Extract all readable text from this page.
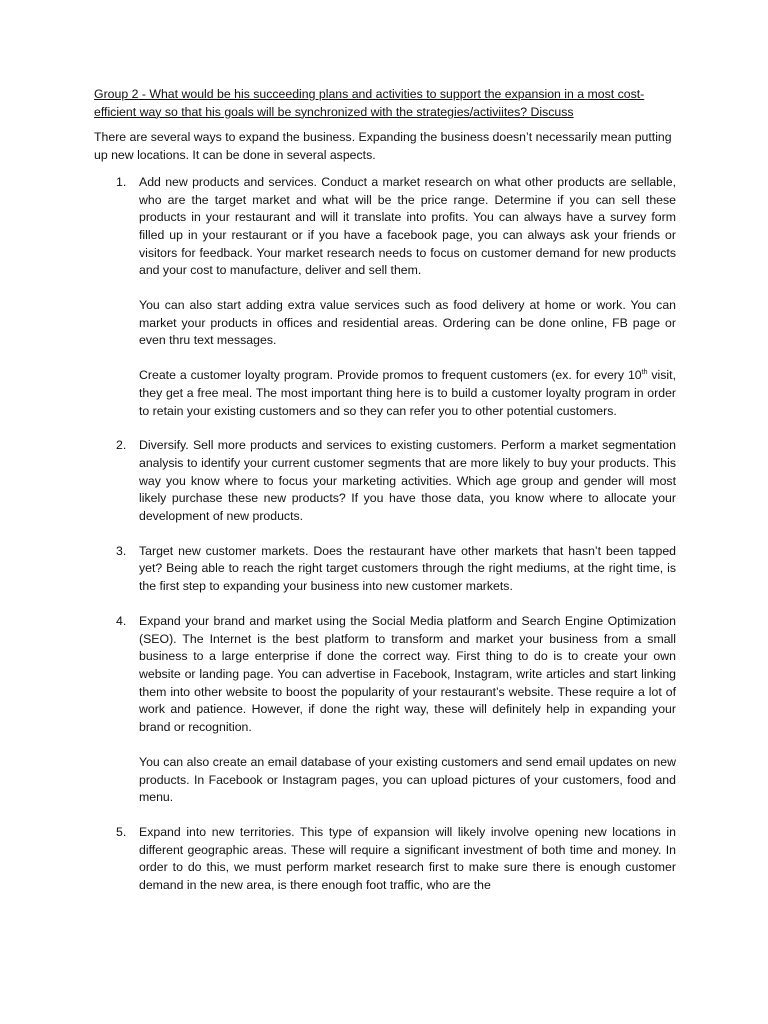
Group 2 - What would be his succeeding plans and activities to support the expansion in a most cost-efficient way so that his goals will be synchronized with the strategies/activiites? Discuss

There are several ways to expand the business. Expanding the business doesn’t necessarily mean putting up new locations. It can be done in several aspects.

1. Add new products and services. Conduct a market research on what other products are sellable, who are the target market and what will be the price range. Determine if you can sell these products in your restaurant and will it translate into profits. You can always have a survey form filled up in your restaurant or if you have a facebook page, you can always ask your friends or visitors for feedback. Your market research needs to focus on customer demand for new products and your cost to manufacture, deliver and sell them.

You can also start adding extra value services such as food delivery at home or work. You can market your products in offices and residential areas. Ordering can be done online, FB page or even thru text messages.

Create a customer loyalty program. Provide promos to frequent customers (ex. for every 10th visit, they get a free meal. The most important thing here is to build a customer loyalty program in order to retain your existing customers and so they can refer you to other potential customers.

2. Diversify. Sell more products and services to existing customers. Perform a market segmentation analysis to identify your current customer segments that are more likely to buy your products. This way you know where to focus your marketing activities. Which age group and gender will most likely purchase these new products? If you have those data, you know where to allocate your development of new products.

3. Target new customer markets. Does the restaurant have other markets that hasn’t been tapped yet? Being able to reach the right target customers through the right mediums, at the right time, is the first step to expanding your business into new customer markets.

4. Expand your brand and market using the Social Media platform and Search Engine Optimization (SEO). The Internet is the best platform to transform and market your business from a small business to a large enterprise if done the correct way. First thing to do is to create your own website or landing page. You can advertise in Facebook, Instagram, write articles and start linking them into other website to boost the popularity of your restaurant’s website. These require a lot of work and patience. However, if done the right way, these will definitely help in expanding your brand or recognition.

You can also create an email database of your existing customers and send email updates on new products. In Facebook or Instagram pages, you can upload pictures of your customers, food and menu.

5. Expand into new territories. This type of expansion will likely involve opening new locations in different geographic areas. These will require a significant investment of both time and money. In order to do this, we must perform market research first to make sure there is enough customer demand in the new area, is there enough foot traffic, who are the
